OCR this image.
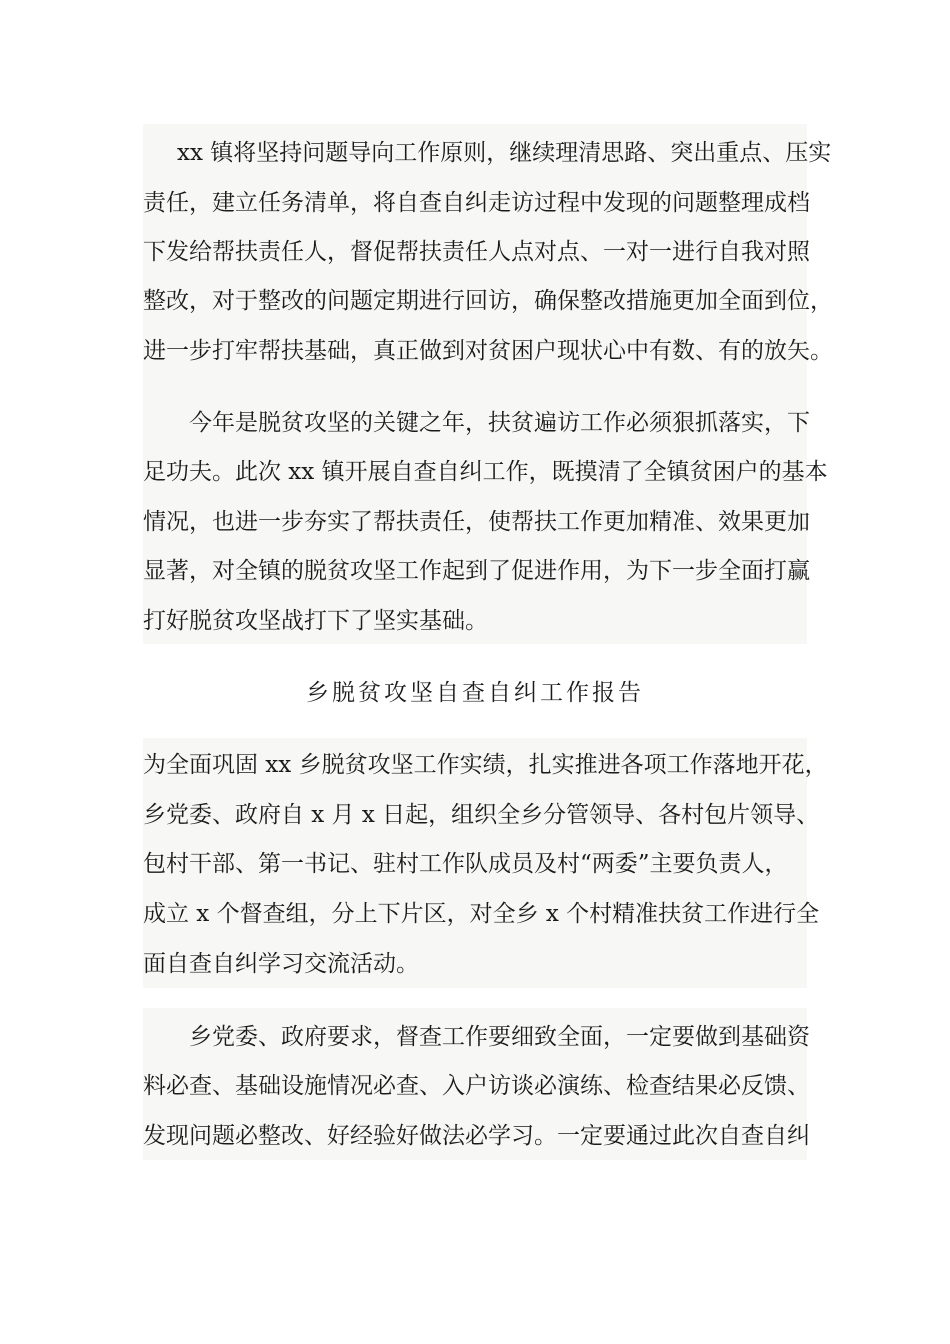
xx 镇将坚持问题导向工作原则，继续理清思路、突出重点、压实
责任，建立任务清单，将自查自纠走访过程中发现的问题整理成档
下发给帮扶责任人，督促帮扶责任人点对点、一对一进行自我对照
整改，对于整改的问题定期进行回访，确保整改措施更加全面到位，
进一步打牢帮扶基础，真正做到对贫困户现状心中有数、有的放矢。
今年是脱贫攻坚的关键之年，扶贫遍访工作必须狠抓落实，下
足功夫。此次 xx 镇开展自查自纠工作，既摸清了全镇贫困户的基本
情况，也进一步夯实了帮扶责任，使帮扶工作更加精准、效果更加
显著，对全镇的脱贫攻坚工作起到了促进作用，为下一步全面打赢
打好脱贫攻坚战打下了坚实基础。
乡脱贫攻坚自查自纠工作报告
为全面巩固 xx 乡脱贫攻坚工作实绩，扎实推进各项工作落地开花，
乡党委、政府自 x 月 x 日起，组织全乡分管领导、各村包片领导、
包村干部、第一书记、驻村工作队成员及村“两委”主要负责人，
成立 x 个督查组，分上下片区，对全乡 x 个村精准扶贫工作进行全
面自查自纠学习交流活动。
乡党委、政府要求，督查工作要细致全面，一定要做到基础资
料必查、基础设施情况必查、入户访谈必演练、检查结果必反馈、
发现问题必整改、好经验好做法必学习。一定要通过此次自查自纠
